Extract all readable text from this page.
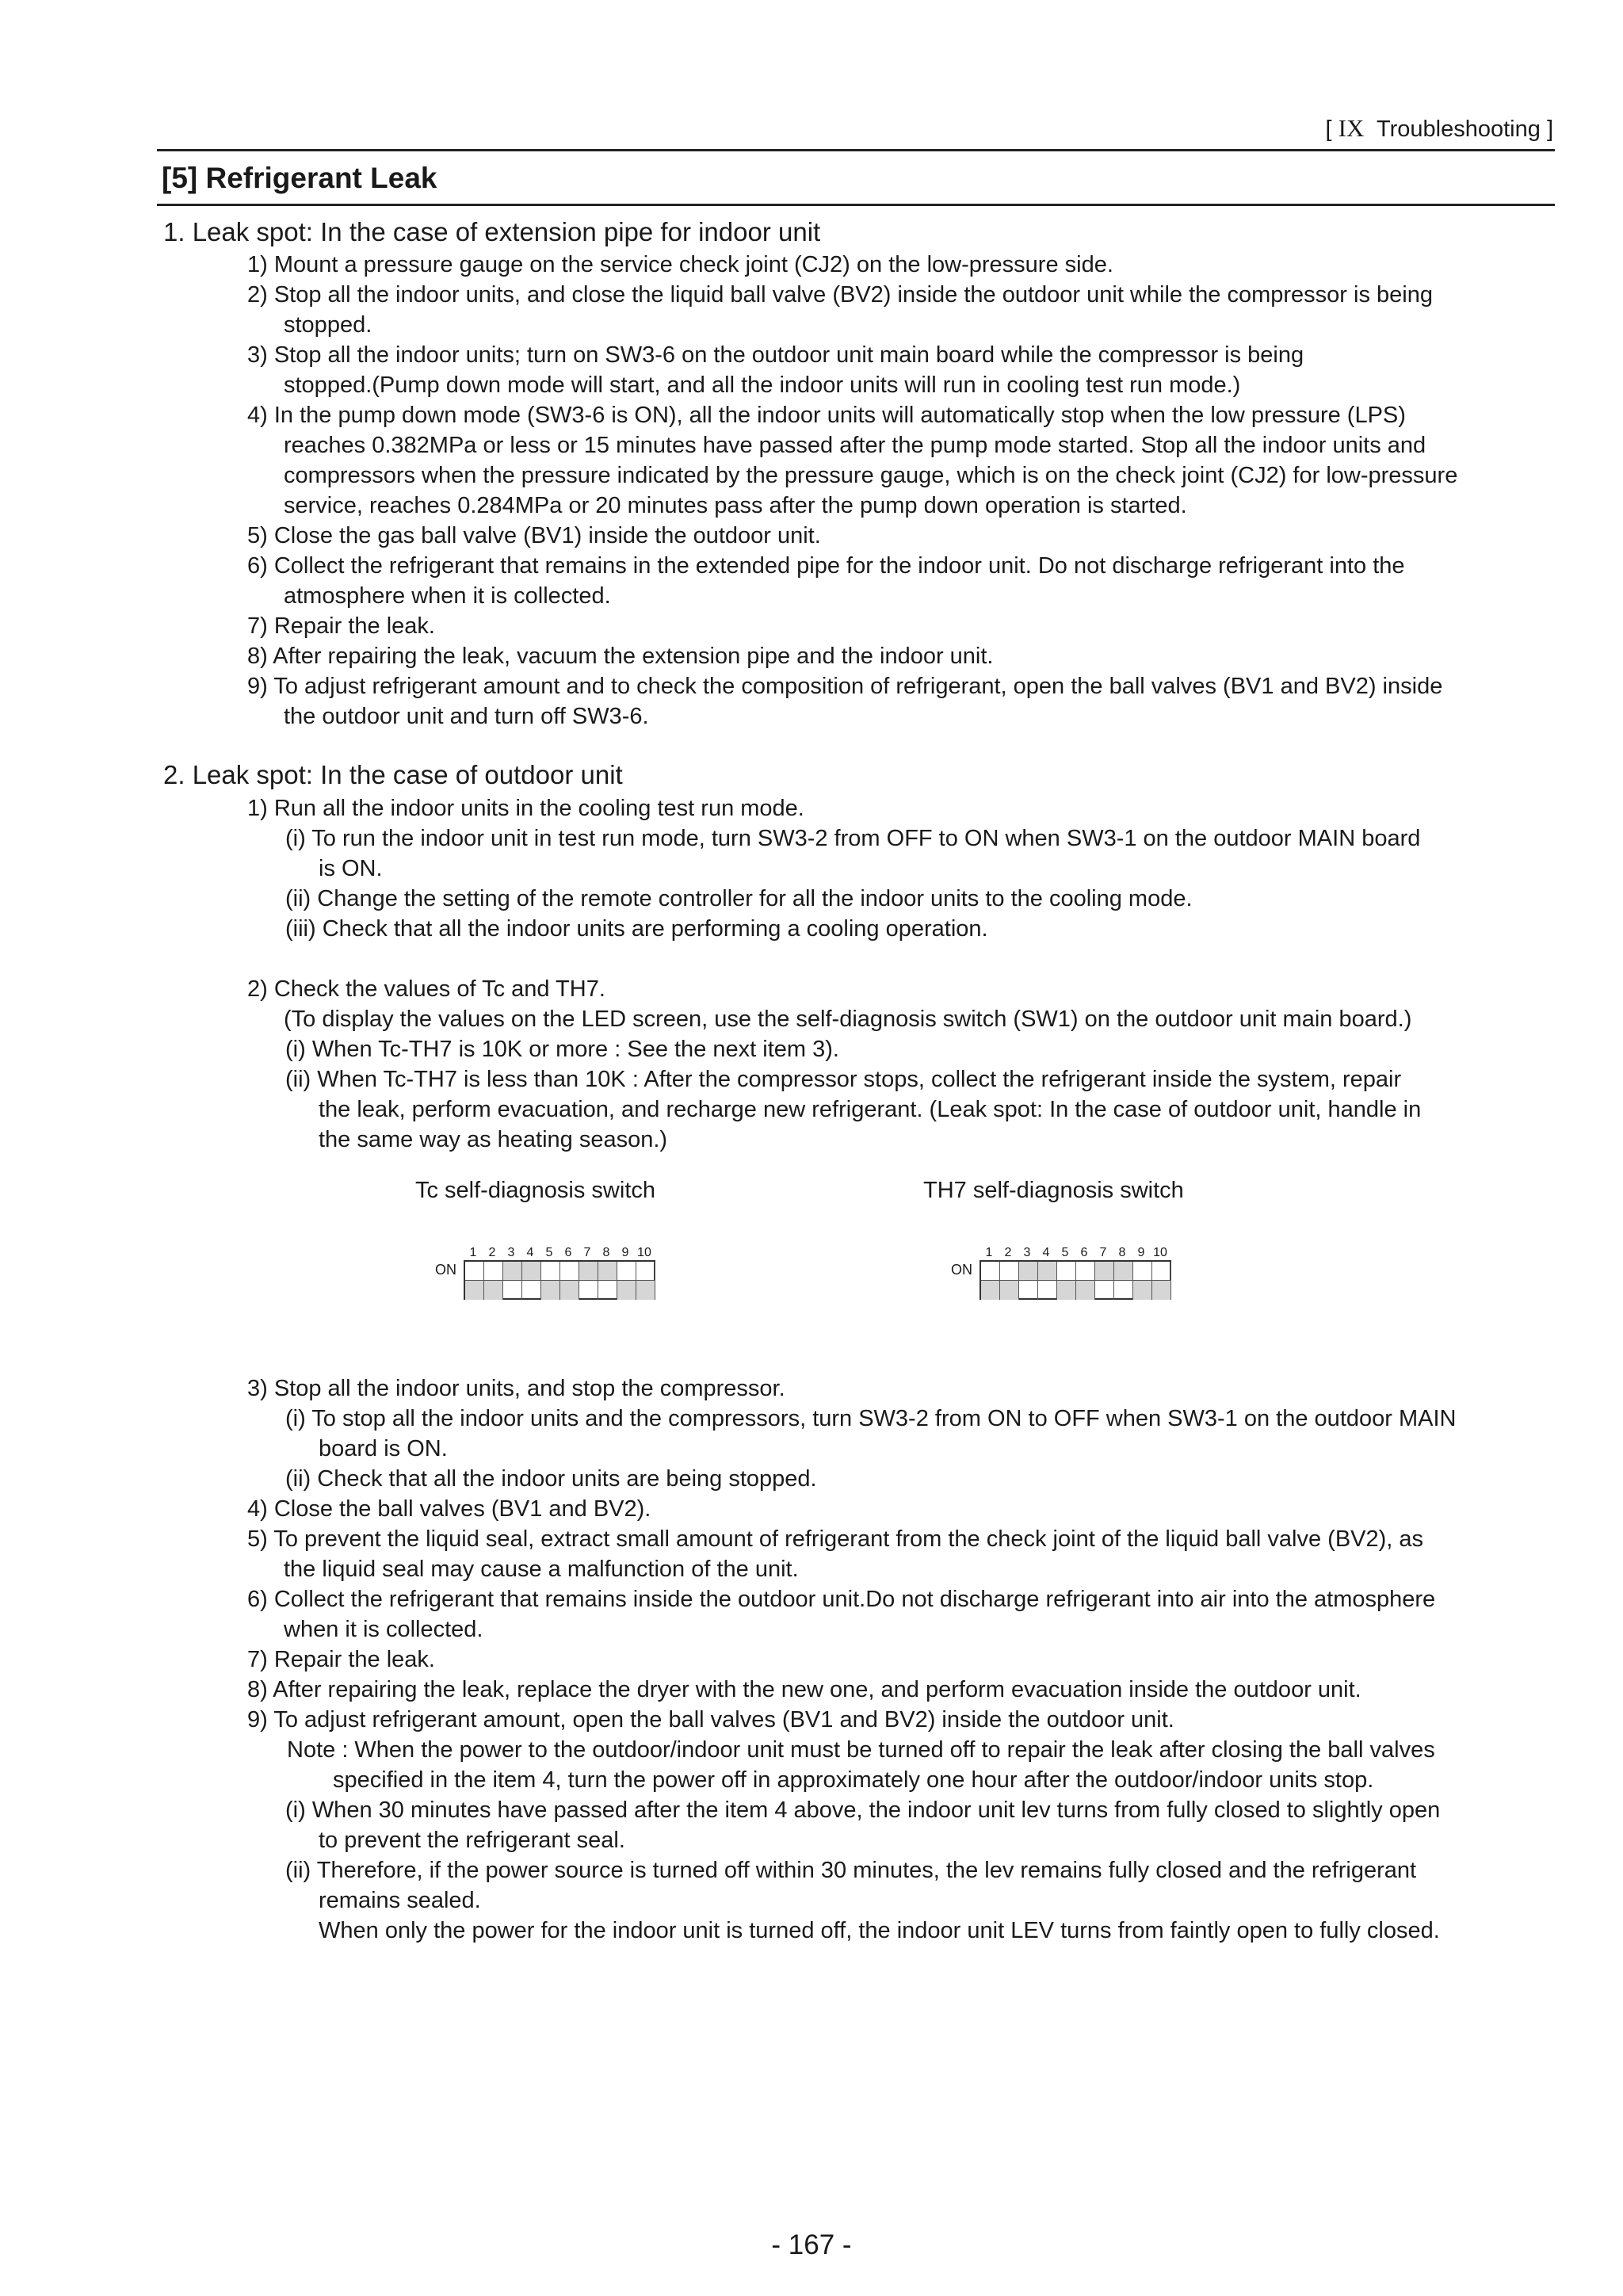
[ IX Troubleshooting ]
[5] Refrigerant Leak
1. Leak spot: In the case of extension pipe for indoor unit
1) Mount a pressure gauge on the service check joint (CJ2) on the low-pressure side.
2) Stop all the indoor units, and close the liquid ball valve (BV2) inside the outdoor unit while the compressor is being
stopped.
3) Stop all the indoor units; turn on SW3-6 on the outdoor unit main board while the compressor is being
stopped.(Pump down mode will start, and all the indoor units will run in cooling test run mode.)
4) In the pump down mode (SW3-6 is ON), all the indoor units will automatically stop when the low pressure (LPS)
reaches 0.382MPa or less or 15 minutes have passed after the pump mode started. Stop all the indoor units and
compressors when the pressure indicated by the pressure gauge, which is on the check joint (CJ2) for low-pressure
service, reaches 0.284MPa or 20 minutes pass after the pump down operation is started.
5) Close the gas ball valve (BV1) inside the outdoor unit.
6) Collect the refrigerant that remains in the extended pipe for the indoor unit. Do not discharge refrigerant into the
atmosphere when it is collected.
7) Repair the leak.
8) After repairing the leak, vacuum the extension pipe and the indoor unit.
9) To adjust refrigerant amount and to check the composition of refrigerant, open the ball valves (BV1 and BV2) inside
the outdoor unit and turn off SW3-6.
2. Leak spot: In the case of outdoor unit
1) Run all the indoor units in the cooling test run mode.
(i) To run the indoor unit in test run mode, turn SW3-2 from OFF to ON when SW3-1 on the outdoor MAIN board
is ON.
(ii) Change the setting of the remote controller for all the indoor units to the cooling mode.
(iii) Check that all the indoor units are performing a cooling operation.
2) Check the values of Tc and TH7.
(To display the values on the LED screen, use the self-diagnosis switch (SW1) on the outdoor unit main board.)
(i) When Tc-TH7 is 10K or more : See the next item 3).
(ii) When Tc-TH7 is less than 10K : After the compressor stops, collect the refrigerant inside the system, repair
the leak, perform evacuation, and recharge new refrigerant. (Leak spot: In the case of outdoor unit, handle in
the same way as heating season.)
Tc self-diagnosis switch	TH7 self-diagnosis switch
1 2 3 4 5 6 7 8 9 10
ON
1 2 3 4 5 6 7 8 9 10
ON
3) Stop all the indoor units, and stop the compressor.
(i) To stop all the indoor units and the compressors, turn SW3-2 from ON to OFF when SW3-1 on the outdoor MAIN
board is ON.
(ii) Check that all the indoor units are being stopped.
4) Close the ball valves (BV1 and BV2).
5) To prevent the liquid seal, extract small amount of refrigerant from the check joint of the liquid ball valve (BV2), as
the liquid seal may cause a malfunction of the unit.
6) Collect the refrigerant that remains inside the outdoor unit.Do not discharge refrigerant into air into the atmosphere
when it is collected.
7) Repair the leak.
8) After repairing the leak, replace the dryer with the new one, and perform evacuation inside the outdoor unit.
9) To adjust refrigerant amount, open the ball valves (BV1 and BV2) inside the outdoor unit.
Note : When the power to the outdoor/indoor unit must be turned off to repair the leak after closing the ball valves
specified in the item 4, turn the power off in approximately one hour after the outdoor/indoor units stop.
(i) When 30 minutes have passed after the item 4 above, the indoor unit lev turns from fully closed to slightly open
to prevent the refrigerant seal.
(ii) Therefore, if the power source is turned off within 30 minutes, the lev remains fully closed and the refrigerant
remains sealed.
When only the power for the indoor unit is turned off, the indoor unit LEV turns from faintly open to fully closed.
- 167 -
